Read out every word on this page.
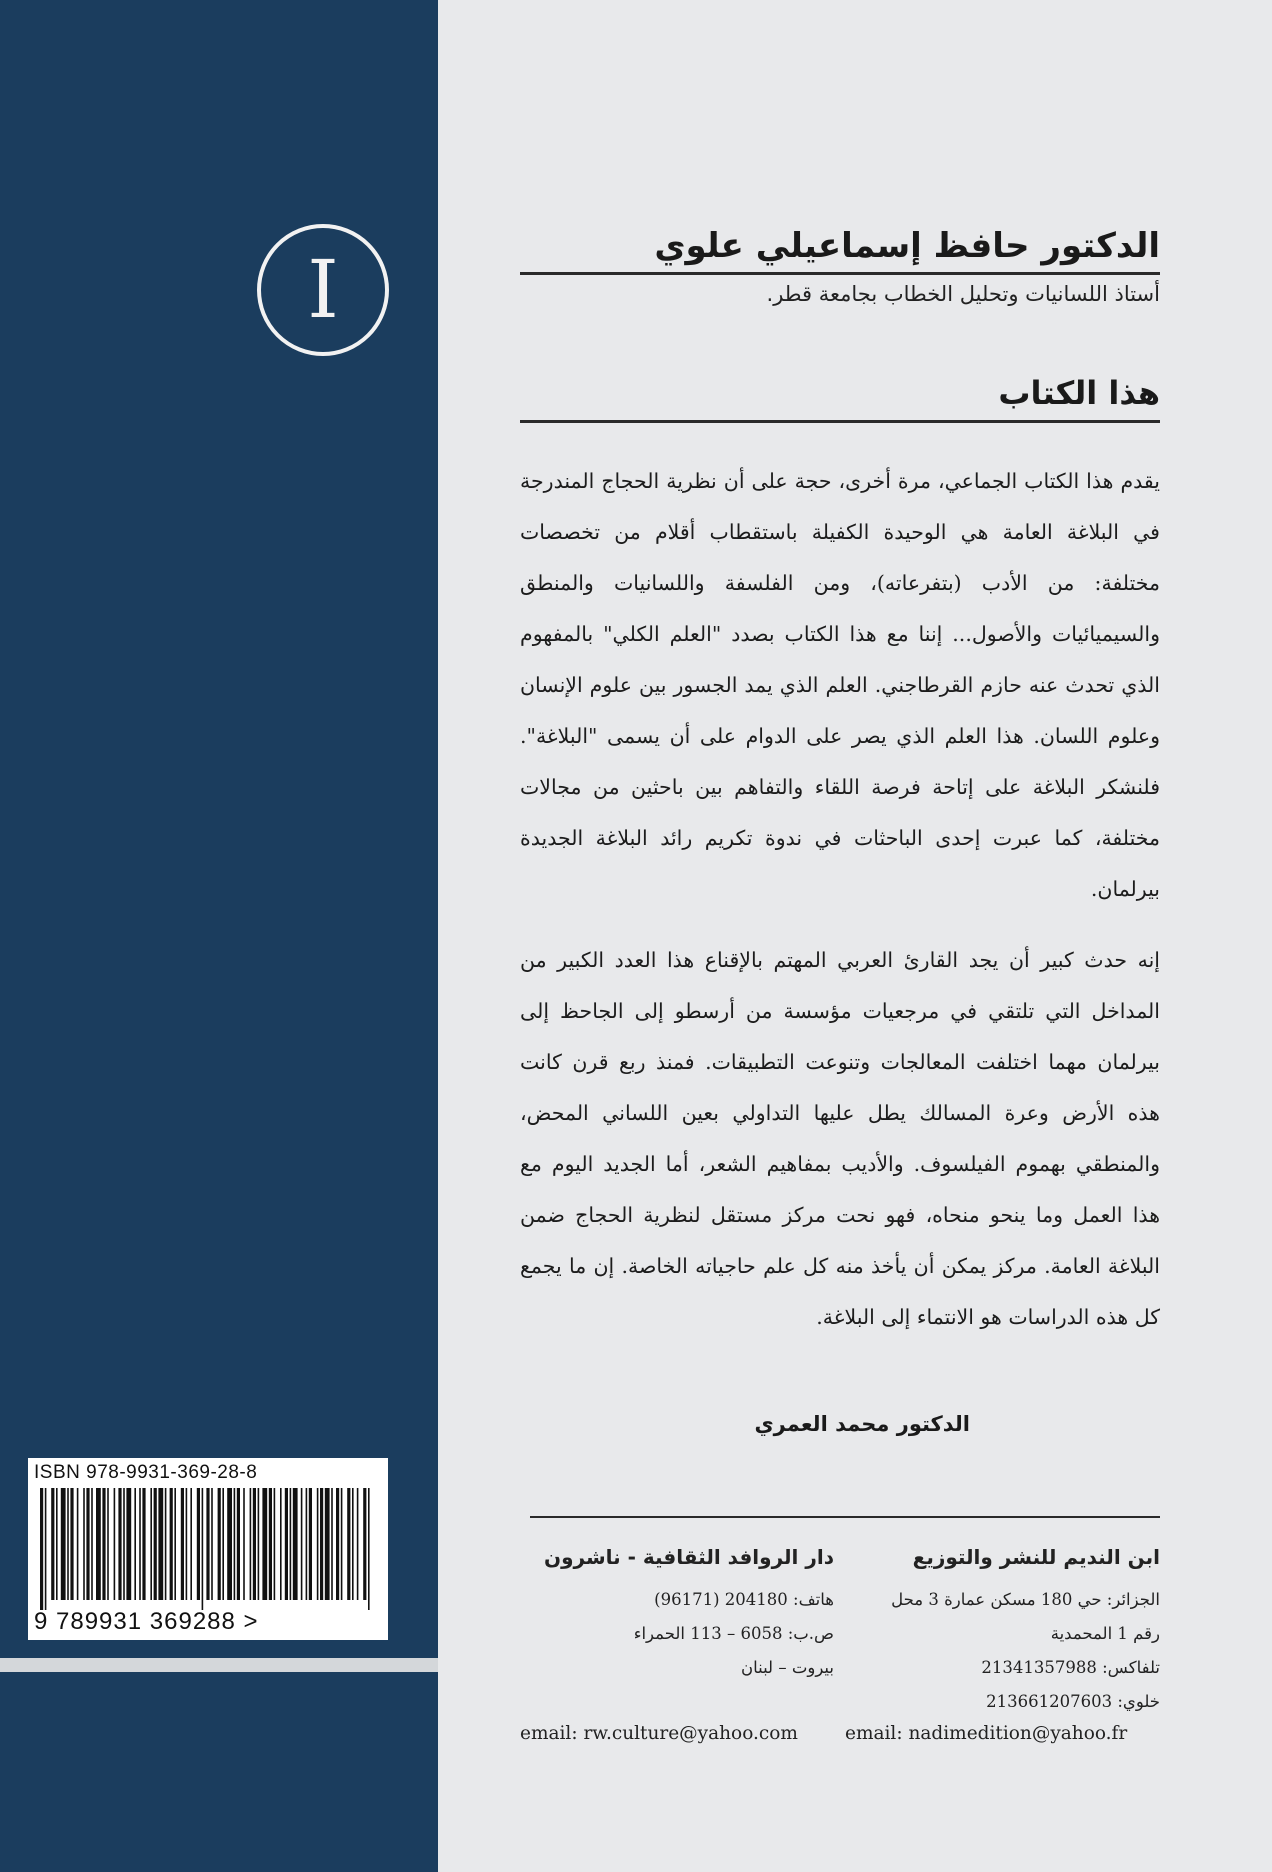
I
ISBN 978-9931-369-28-8
9 789931 369288 >
الدكتور حافظ إسماعيلي علوي
أستاذ اللسانيات وتحليل الخطاب بجامعة قطر.
هذا الكتاب

يقدم هذا الكتاب الجماعي، مرة أخرى، حجة على أن نظرية الحجاج المندرجة في البلاغة العامة هي الوحيدة الكفيلة باستقطاب أقلام من تخصصات مختلفة: من الأدب (بتفرعاته)، ومن الفلسفة واللسانيات والمنطق والسيميائيات والأصول... إننا مع هذا الكتاب بصدد "العلم الكلي" بالمفهوم الذي تحدث عنه حازم القرطاجني. العلم الذي يمد الجسور بين علوم الإنسان وعلوم اللسان. هذا العلم الذي يصر على الدوام على أن يسمى "البلاغة". فلنشكر البلاغة على إتاحة فرصة اللقاء والتفاهم بين باحثين من مجالات مختلفة، كما عبرت إحدى الباحثات في ندوة تكريم رائد البلاغة الجديدة بيرلمان.

إنه حدث كبير أن يجد القارئ العربي المهتم بالإقناع هذا العدد الكبير من المداخل التي تلتقي في مرجعيات مؤسسة من أرسطو إلى الجاحظ إلى بيرلمان مهما اختلفت المعالجات وتنوعت التطبيقات. فمنذ ربع قرن كانت هذه الأرض وعرة المسالك يطل عليها التداولي بعين اللساني المحض، والمنطقي بهموم الفيلسوف. والأديب بمفاهيم الشعر، أما الجديد اليوم مع هذا العمل وما ينحو منحاه، فهو نحت مركز مستقل لنظرية الحجاج ضمن البلاغة العامة. مركز يمكن أن يأخذ منه كل علم حاجياته الخاصة. إن ما يجمع كل هذه الدراسات هو الانتماء إلى البلاغة.

الدكتور محمد العمري
ابن النديم للنشر والتوزيع
الجزائر: حي 180 مسكن عمارة 3 محل
رقم 1 المحمدية
تلفاكس: 21341357988
خلوي: 213661207603
دار الروافد الثقافية - ناشرون
هاتف: 204180 (96171)
ص.ب: 6058 – 113 الحمراء
بيروت – لبنان
email: nadimedition@yahoo.fr
email: rw.culture@yahoo.com
